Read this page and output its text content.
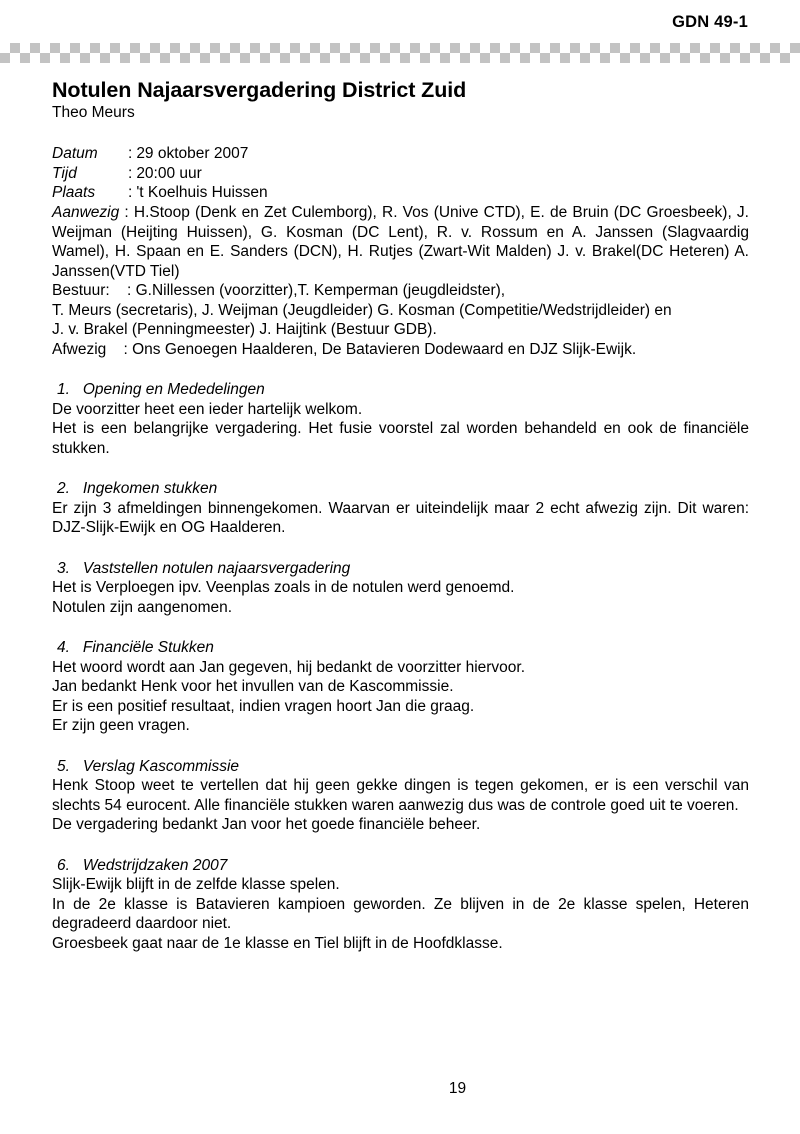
GDN 49-1
Notulen Najaarsvergadering District Zuid
Theo Meurs
Datum	: 29 oktober 2007
Tijd	: 20:00 uur
Plaats	: 't Koelhuis Huissen

Aanwezig : H.Stoop (Denk en Zet Culemborg), R. Vos (Unive CTD), E. de Bruin (DC Groesbeek), J. Weijman (Heijting Huissen), G. Kosman (DC Lent), R. v. Rossum en A. Janssen (Slagvaardig Wamel), H. Spaan en E. Sanders (DCN), H. Rutjes (Zwart-Wit Malden) J. v. Brakel(DC Heteren) A. Janssen(VTD Tiel)

Bestuur:    : G.Nillessen (voorzitter),T. Kemperman (jeugdleidster),

T. Meurs (secretaris), J. Weijman (Jeugdleider) G. Kosman (Competitie/Wedstrijdleider) en

J. v. Brakel (Penningmeester) J. Haijtink (Bestuur GDB).

Afwezig    : Ons Genoegen Haalderen, De Batavieren Dodewaard en DJZ Slijk-Ewijk.

1.   Opening en Mededelingen

De voorzitter heet een ieder hartelijk welkom.

Het is een belangrijke vergadering. Het fusie voorstel zal worden behandeld en ook de financiële stukken.

2.   Ingekomen stukken

Er zijn 3 afmeldingen binnengekomen. Waarvan er uiteindelijk maar 2 echt afwezig zijn. Dit waren: DJZ-Slijk-Ewijk en OG Haalderen.

3.   Vaststellen notulen najaarsvergadering

Het is Verploegen ipv. Veenplas zoals in de notulen werd genoemd.

Notulen zijn aangenomen.

4.   Financiële Stukken

Het woord wordt aan Jan gegeven, hij bedankt de voorzitter hiervoor.

Jan bedankt Henk voor het invullen van de Kascommissie.

Er is een positief resultaat, indien vragen hoort Jan die graag.

Er zijn geen vragen.

5.   Verslag Kascommissie

Henk Stoop weet te vertellen dat hij geen gekke dingen is tegen gekomen, er is een verschil van slechts 54 eurocent. Alle financiële stukken waren aanwezig dus was de controle goed uit te voeren.

De vergadering bedankt Jan voor het goede financiële beheer.

6.   Wedstrijdzaken 2007

Slijk-Ewijk blijft in de zelfde klasse spelen.

In de 2e klasse is Batavieren kampioen geworden. Ze blijven in de 2e klasse spelen, Heteren degradeerd daardoor niet.

Groesbeek gaat naar de 1e klasse en Tiel blijft in de Hoofdklasse.

19
